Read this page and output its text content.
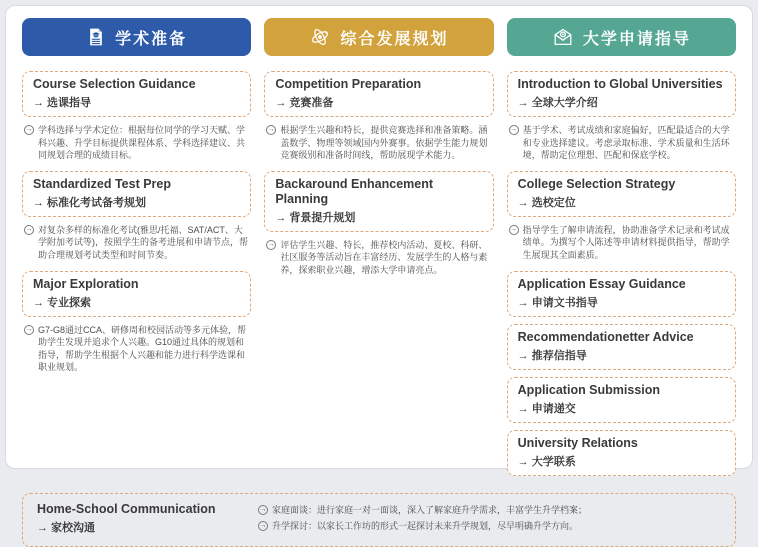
学术准备
Course Selection Guidance
→ 选课指导
→ 学科选择与学术定位：根据每位同学的学习天赋、学科兴趣、升学目标提供课程体系、学科选择建议、共同规划合理的成绩目标。
Standardized Test Prep
→ 标准化考试备考规划
→ 对复杂多样的标准化考试(雅思/托福、SAT/ACT、大学附加考试等)，按照学生的备考进展和申请节点，帮助合理规划考试类型和时间节奏。
Major Exploration
→ 专业探索
→ G7-G8通过CCA、研修周和校园活动等多元体验，帮助学生发现并追求个人兴趣。G10通过具体的规划和指导，帮助学生根据个人兴趣和能力进行科学选课和职业规划。
综合发展规划
Competition Preparation
→ 竞赛准备
→ 根据学生兴趣和特长，提供竞赛选择和准备策略。涵盖数学、物理等领域国内外赛事。依据学生能力规划竞赛级别和准备时间线，帮助展现学术能力。
Backaround Enhancement Planning
→ 背景提升规划
→ 评估学生兴趣、特长，推荐校内活动、夏校、科研、社区服务等活动旨在丰富经历、发展学生的人格与素养，探索职业兴趣，增添大学申请亮点。
大学申请指导
Introduction to Global Universities
→ 全球大学介绍
→ 基于学术、考试成绩和家庭偏好，匹配最适合的大学和专业选择建议。考虑录取标准、学术质量和生活环境，帮助定位理想、匹配和保底学校。
College Selection Strategy
→ 选校定位
→ 指导学生了解申请流程，协助准备学术记录和考试成绩单。为撰写个人陈述等申请材料提供指导，帮助学生展现其全面素质。
Application Essay Guidance
→ 申请文书指导
Recommendationetter Advice
→ 推荐信指导
Application Submission
→ 申请递交
University Relations
→ 大学联系
Home-School Communication
→ 家校沟通
→ 家庭面谈：进行家庭一对一面谈，深入了解家庭升学需求，丰富学生升学档案；
→ 升学探讨：以家长工作坊的形式一起探讨未来升学规划，尽早明确升学方向。
